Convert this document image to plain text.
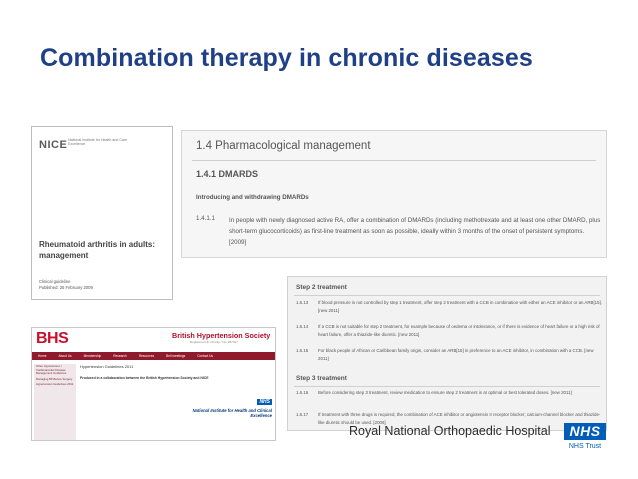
Combination therapy in chronic diseases
NICE National Institute for Health and Care Excellence
Rheumatoid arthritis in adults: management
Clinical guideline
Published: 25 February 2009
1.4 Pharmacological management
1.4.1 DMARDS
Introducing and withdrawing DMARDs
1.4.1.1 In people with newly diagnosed active RA, offer a combination of DMARDs (including methotrexate and at least one other DMARD, plus short-term glucocorticoids) as first-line treatment as soon as possible, ideally within 3 months of the onset of persistent symptoms. [2009]
Step 2 treatment
1.6.13 If blood pressure is not controlled by step 1 treatment, offer step 2 treatment with a CCB in combination with either an ACE inhibitor or an ARB[15]. [new 2011]
1.6.14 If a CCB is not suitable for step 2 treatment, for example because of oedema or intolerance, or if there is evidence of heart failure or a high risk of heart failure, offer a thiazide-like diuretic. [new 2011]
1.6.15 For black people of African or Caribbean family origin, consider an ARB[15] in preference to an ACE inhibitor, in combination with a CCB. [new 2011]
Step 3 treatment
1.6.16 Before considering step 3 treatment, review medication to ensure step 2 treatment is at optimal or best tolerated doses. [new 2011]
1.6.17 If treatment with three drugs is required, the combination of ACE inhibitor or angiotensin II receptor blocker; calcium-channel blocker and thiazide-like diuretic should be used. [2006]
BHS	British Hypertension Society
Registered UK Charity / No. 287017
Home	About Us	Membership	Research	Resources	Bell meetings	Contact Us
Other Hypertension / Cardiovascular Disease Management Guidelines
Managing BP Before Surgery
Hypertension Guidelines 2011
Hypertension Guidelines 2011
Produced in a collaboration between the British Hypertension Society and NICE
NHS
National Institute for Health and Clinical Excellence
Royal National Orthopaedic Hospital	NHS
NHS Trust
